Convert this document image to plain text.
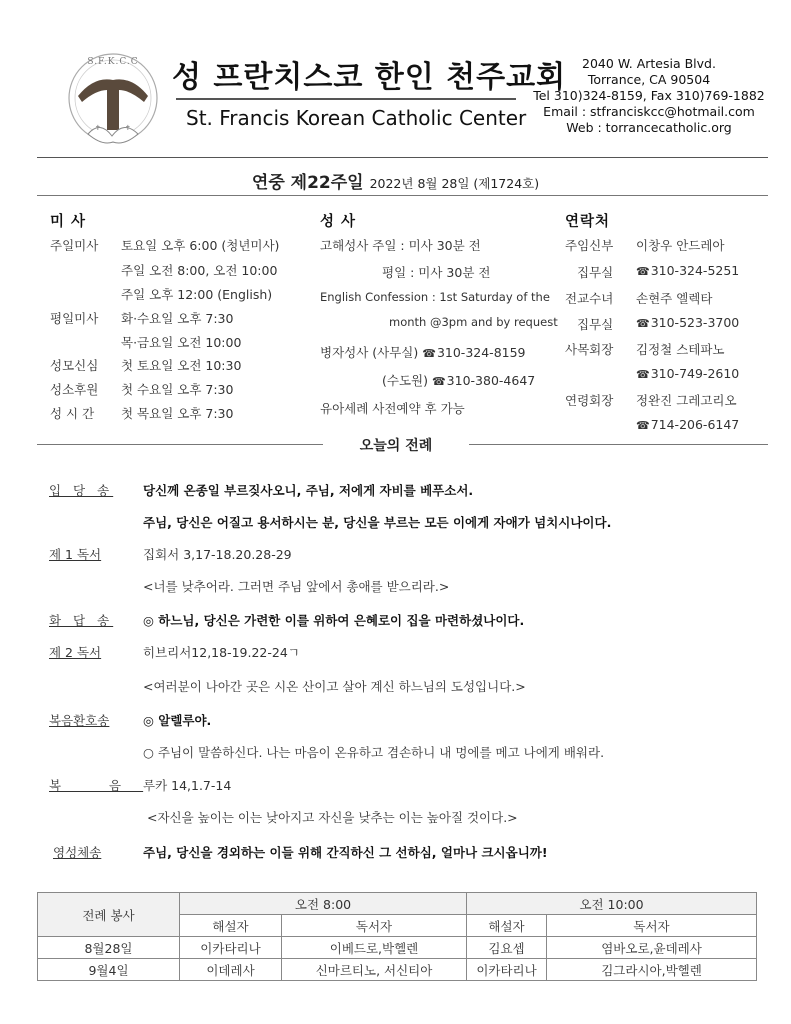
✝	✝
S.F.K.C.C 성 프란치스코 한인 천주교회
St. Francis Korean Catholic Center
2040 W. Artesia Blvd.
Torrance, CA 90504
Tel 310)324-8159, Fax 310)769-1882
Email : stfranciskcc@hotmail.com
Web : torrancecatholic.org
연중 제22주일 2022년 8월 28일 (제1724호)
미 사
주일미사 토요일 오후 6:00 (청년미사)
주일 오전 8:00, 오전 10:00
주일 오후 12:00 (English)
평일미사 화·수요일 오후 7:30
목·금요일 오전 10:00
성모신심 첫 토요일 오전 10:30
성소후원 첫 수요일 오후 7:30
성 시 간 첫 목요일 오후 7:30
성 사
고해성사 주일 : 미사 30분 전
평일 : 미사 30분 전
English Confession : 1st Saturday of the
month @3pm and by request
병자성사 (사무실) ☎ 310-324-8159
(수도원) ☎ 310-380-4647
유아세례 사전예약 후 가능
연락처
주임신부 이창우 안드레아
집무실	☎ 310-324-5251
전교수녀 손현주 엘렉타
집무실	☎ 310-523-3700
사목회장 김정철 스테파노
☎ 310-749-2610
연령회장 정완진 그레고리오
☎ 714-206-6147
오늘의 전례
입 당 송 당신께 온종일 부르짖사오니, 주님, 저에게 자비를 베푸소서.
주님, 당신은 어질고 용서하시는 분, 당신을 부르는 모든 이에게 자애가 넘치시나이다.
제 1 독서	집회서 3,17-18.20.28-29
<너를 낮추어라. 그러면 주님 앞에서 총애를 받으리라.>
화 답 송 ◎ 하느님, 당신은 가련한 이를 위하여 은혜로이 집을 마련하셨나이다.
제 2 독서	히브리서12,18-19.22-24ㄱ
<여러분이 나아간 곳은 시온 산이고 살아 계신 하느님의 도성입니다.>
복음환호송	◎ 알렐루야.
○ 주님이 말씀하신다. 나는 마음이 온유하고 겸손하니 내 멍에를 메고 나에게 배워라.
복 음 루카 14,1.7-14
<자신을 높이는 이는 낮아지고 자신을 낮추는 이는 높아질 것이다.>
영성체송	주님, 당신을 경외하는 이들 위해 간직하신 그 선하심, 얼마나 크시옵니까!
전례 봉사	오전 8:00		오전 10:00	
	해설자	독서자	해설자	독서자
8월28일	이카타리나	이베드로,박헬렌	김요셉	염바오로,윤데레사
9월4일	이데레사	신마르티노, 서신티아	이카타리나	김그라시아,박헬렌
